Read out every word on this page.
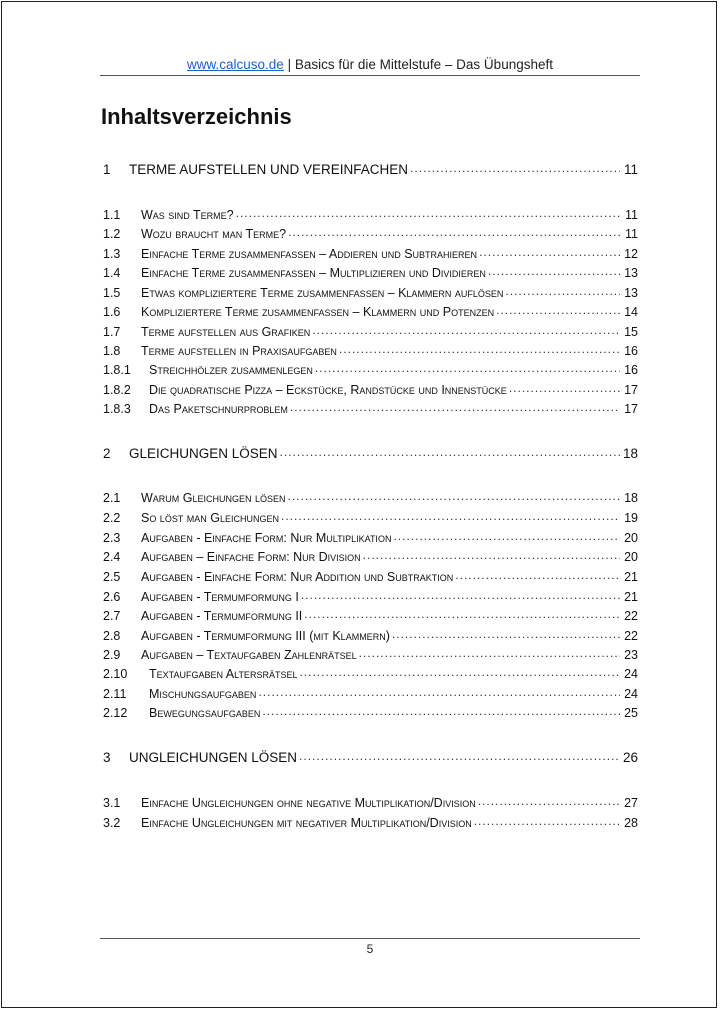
www.calcuso.de | Basics für die Mittelstufe – Das Übungsheft
Inhaltsverzeichnis
1	TERME AUFSTELLEN UND VEREINFACHEN .....	11
1.1	Was sind Terme? .....	11
1.2	Wozu braucht man Terme? .....	11
1.3	Einfache Terme zusammenfassen – Addieren und Subtrahieren .....	12
1.4	Einfache Terme zusammenfassen – Multiplizieren und Dividieren .....	13
1.5	Etwas kompliziertere Terme zusammenfassen – Klammern auflösen .....	13
1.6	Kompliziertere Terme zusammenfassen – Klammern und Potenzen .....	14
1.7	Terme aufstellen aus Grafiken .....	15
1.8	Terme aufstellen in Praxisaufgaben .....	16
1.8.1	Streichhölzer zusammenlegen .....	16
1.8.2	Die quadratische Pizza – Eckstücke, Randstücke und Innenstücke .....	17
1.8.3	Das Paketschnurproblem .....	17
2	GLEICHUNGEN LÖSEN .....	18
2.1	Warum Gleichungen lösen .....	18
2.2	So löst man Gleichungen .....	19
2.3	Aufgaben - Einfache Form: Nur Multiplikation .....	20
2.4	Aufgaben – Einfache Form: Nur Division .....	20
2.5	Aufgaben - Einfache Form: Nur Addition und Subtraktion .....	21
2.6	Aufgaben - Termumformung I .....	21
2.7	Aufgaben - Termumformung II .....	22
2.8	Aufgaben - Termumformung III (mit Klammern) .....	22
2.9	Aufgaben – Textaufgaben Zahlenrätsel .....	23
2.10	Textaufgaben Altersrätsel .....	24
2.11	Mischungsaufgaben .....	24
2.12	Bewegungsaufgaben .....	25
3	UNGLEICHUNGEN LÖSEN .....	26
3.1	Einfache Ungleichungen ohne negative Multiplikation/Division .....	27
3.2	Einfache Ungleichungen mit negativer Multiplikation/Division .....	28
5
